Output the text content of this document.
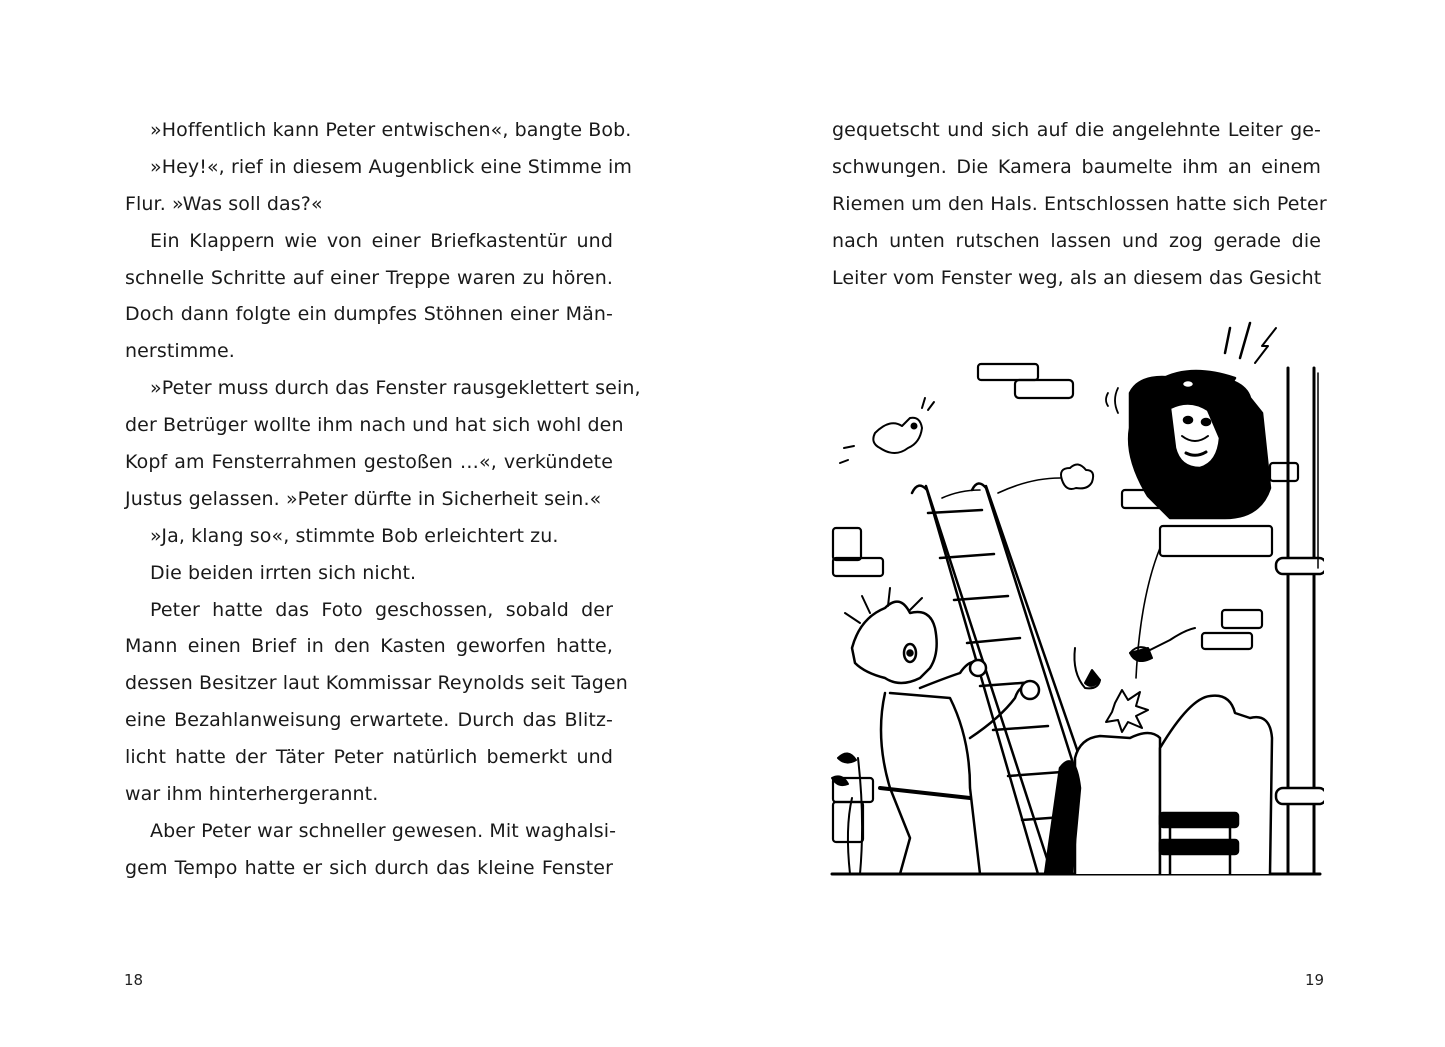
»Hoffentlich kann Peter entwischen«, bangte Bob.
»Hey!«, rief in diesem Augenblick eine Stimme im
Flur. »Was soll das?«
Ein Klappern wie von einer Briefkastentür und
schnelle Schritte auf einer Treppe waren zu hören.
Doch dann folgte ein dumpfes Stöhnen einer Män-
nerstimme.
»Peter muss durch das Fenster rausgeklettert sein,
der Betrüger wollte ihm nach und hat sich wohl den
Kopf am Fensterrahmen gestoßen …«, verkündete
Justus gelassen. »Peter dürfte in Sicherheit sein.«
»Ja, klang so«, stimmte Bob erleichtert zu.
Die beiden irrten sich nicht.
Peter hatte das Foto geschossen, sobald der
Mann einen Brief in den Kasten geworfen hatte,
dessen Besitzer laut Kommissar Reynolds seit Tagen
eine Bezahlanweisung erwartete. Durch das Blitz-
licht hatte der Täter Peter natürlich bemerkt und
war ihm hinterhergerannt.
Aber Peter war schneller gewesen. Mit waghalsi-
gem Tempo hatte er sich durch das kleine Fenster
18
gequetscht und sich auf die angelehnte Leiter ge-
schwungen. Die Kamera baumelte ihm an einem
Riemen um den Hals. Entschlossen hatte sich Peter
nach unten rutschen lassen und zog gerade die
Leiter vom Fenster weg, als an diesem das Gesicht
19
